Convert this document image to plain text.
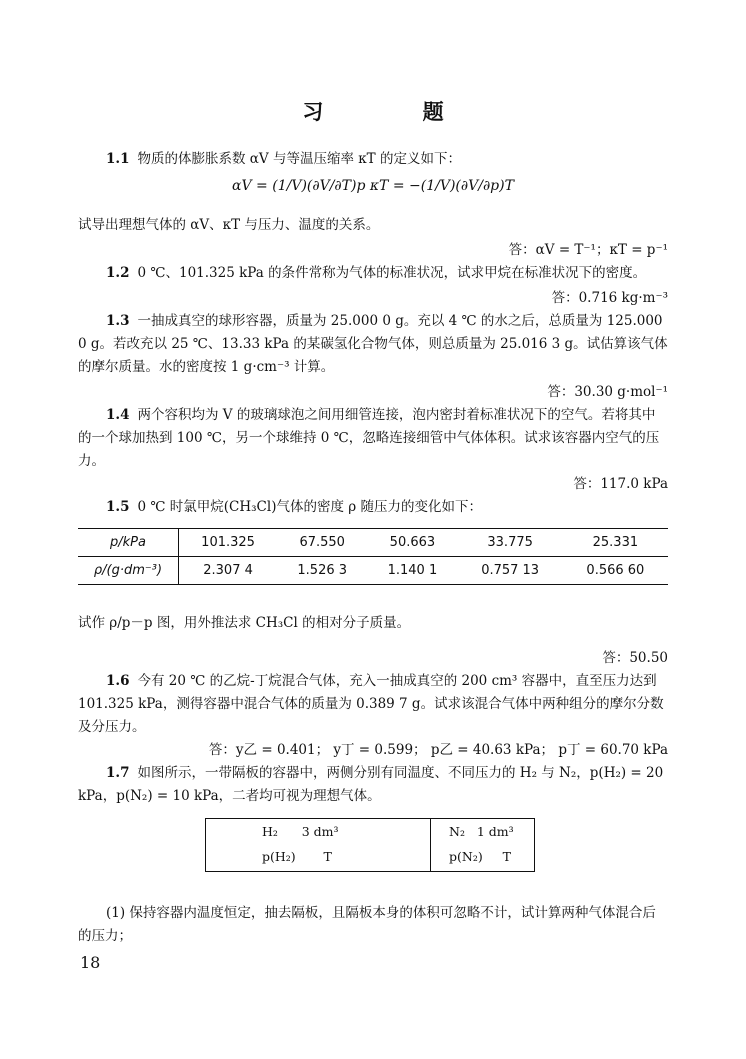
习 题

1.1 物质的体膨胀系数 αV 与等温压缩率 κT 的定义如下：

αV = (1/V)(∂V/∂T)p κT = −(1/V)(∂V/∂p)T

试导出理想气体的 αV、κT 与压力、温度的关系。

答：αV = T⁻¹；κT = p⁻¹

1.2 0 ℃、101.325 kPa 的条件常称为气体的标准状况，试求甲烷在标准状况下的密度。

答：0.716 kg·m⁻³

1.3 一抽成真空的球形容器，质量为 25.000 0 g。充以 4 ℃ 的水之后，总质量为 125.000 0 g。若改充以 25 ℃、13.33 kPa 的某碳氢化合物气体，则总质量为 25.016 3 g。试估算该气体的摩尔质量。水的密度按 1 g·cm⁻³ 计算。

答：30.30 g·mol⁻¹

1.4 两个容积均为 V 的玻璃球泡之间用细管连接，泡内密封着标准状况下的空气。若将其中的一个球加热到 100 ℃，另一个球维持 0 ℃，忽略连接细管中气体体积。试求该容器内空气的压力。

答：117.0 kPa

1.5 0 ℃ 时氯甲烷(CH₃Cl)气体的密度 ρ 随压力的变化如下：

p/kPa	101.325	67.550	50.663	33.775	25.331
ρ/(g·dm⁻³)	2.307 4	1.526 3	1.140 1	0.757 13	0.566 60

试作 ρ/p－p 图，用外推法求 CH₃Cl 的相对分子质量。

答：50.50

1.6 今有 20 ℃ 的乙烷-丁烷混合气体，充入一抽成真空的 200 cm³ 容器中，直至压力达到 101.325 kPa，测得容器中混合气体的质量为 0.389 7 g。试求该混合气体中两种组分的摩尔分数及分压力。

答：y乙 = 0.401； y丁 = 0.599； p乙 = 40.63 kPa； p丁 = 60.70 kPa

1.7 如图所示，一带隔板的容器中，两侧分别有同温度、不同压力的 H₂ 与 N₂，p(H₂) = 20 kPa，p(N₂) = 10 kPa，二者均可视为理想气体。

H₂      3 dm³
p(H₂)       T
N₂   1 dm³
p(N₂)     T

(1) 保持容器内温度恒定，抽去隔板，且隔板本身的体积可忽略不计，试计算两种气体混合后的压力；

18
